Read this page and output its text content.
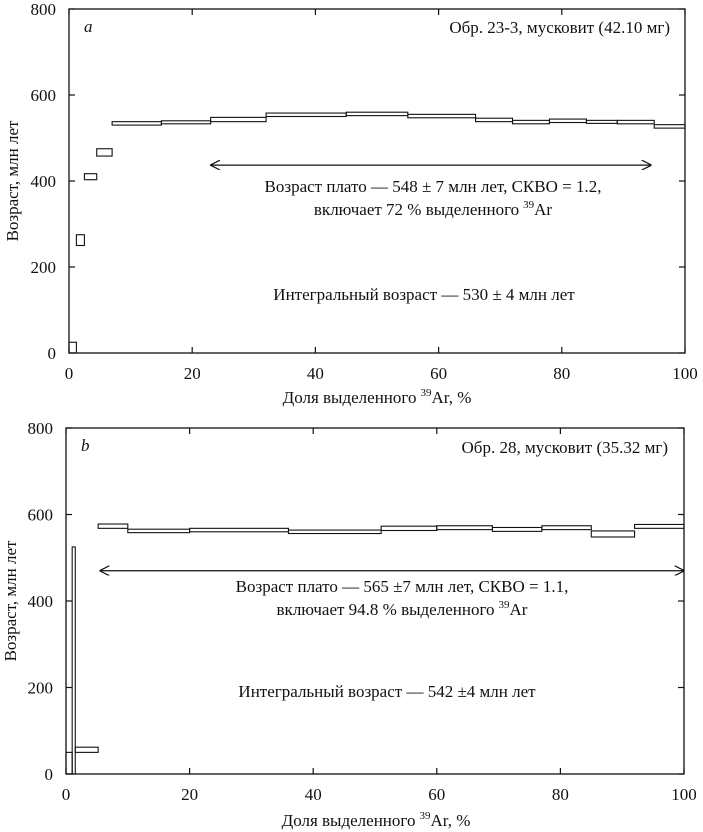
0
200
400
600
800
0	20	40	60	80	100
a	Обр. 23-3, мусковит (42.10 мг)
Возраст плато — 548 ± 7 млн лет, СКВО = 1.2,
включает 72 % выделенного $^{39}$Ar
Интегральный возраст — 530 ± 4 млн лет
Доля выделенного $^{39}$Ar, %
Возраст, млн лет
0
200
400
600
800
0	20	40	60	80	100
b	Обр. 28, мусковит (35.32 мг)
Возраст плато — 565 ±7 млн лет, СКВО = 1.1,
включает 94.8 % выделенного $^{39}$Ar
Интегральный возраст — 542 ±4 млн лет
Доля выделенного $^{39}$Ar, %
Возраст, млн лет
